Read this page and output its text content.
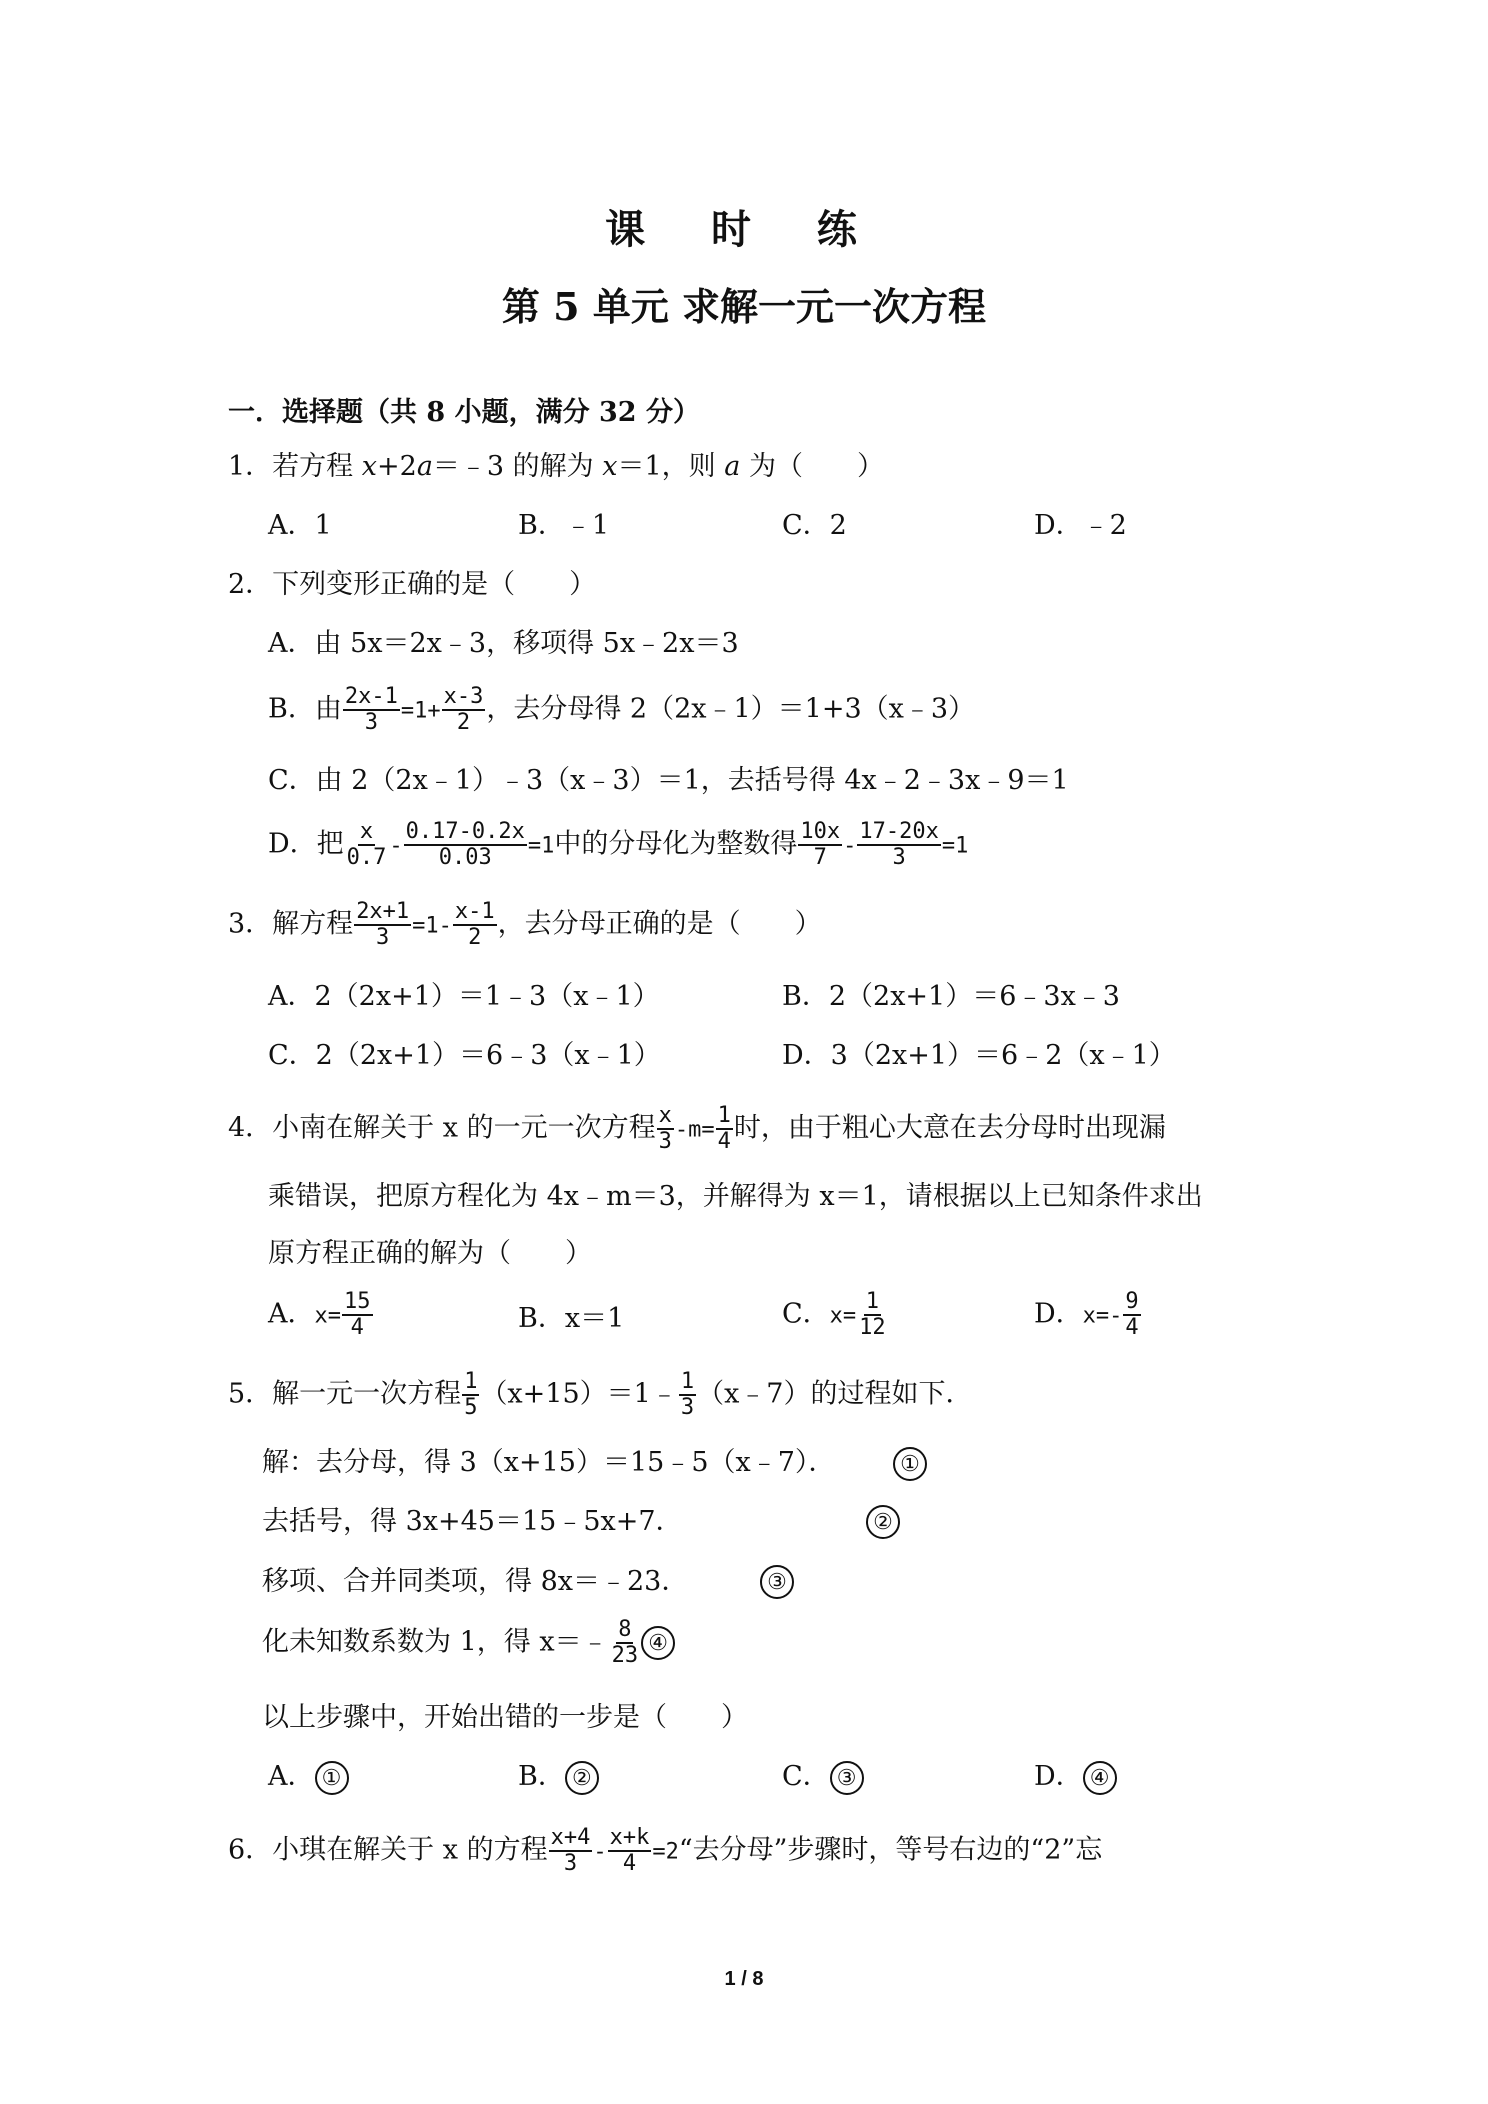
课 时 练
第 5 单元 求解一元一次方程
一．选择题（共 8 小题，满分 32 分）
1．若方程 x+2a＝﹣3 的解为 x＝1，则 a 为（　　）
A．1	B．﹣1	C．2	D．﹣2
2．下列变形正确的是（　　）
A．由 5x＝2x﹣3，移项得 5x﹣2x＝3
B．由 $\frac{2x-1}{3} =1+ \frac{x-3}{2}$ ，去分母得 2（2x﹣1）＝1+3（x﹣3）
C．由 2（2x﹣1）﹣3（x﹣3）＝1，去括号得 4x﹣2﹣3x﹣9＝1
D．把 $\frac{x}{0.7} - \frac{0.17-0.2x}{0.03} =1$中的分母化为整数得 $\frac{10x}{7} - \frac{17-20x}{3} =1$
3．解方程 $\frac{2x+1}{3} =1- \frac{x-1}{2}$ ，去分母正确的是（　　）
A．2（2x+1）＝1﹣3（x﹣1）	B．2（2x+1）＝6﹣3x﹣3
C．2（2x+1）＝6﹣3（x﹣1）	D．3（2x+1）＝6﹣2（x﹣1）
4．小南在解关于 x 的一元一次方程 $\frac{x}{3} -m= \frac{1}{4}$ 时，由于粗心大意在去分母时出现漏
乘错误，把原方程化为 4x﹣m＝3，并解得为 x＝1，请根据以上已知条件求出
原方程正确的解为（　　）
A．$x= \frac{15}{4}$	B．x＝1	C．$x= \frac{1}{12}$	D．$x=- \frac{9}{4}$
5．解一元一次方程 $\frac{1}{5}$ （x+15）＝1﹣ $\frac{1}{3}$ （x﹣7）的过程如下．
解：去分母，得 3（x+15）＝15﹣5（x﹣7）．	①
去括号，得 3x+45＝15﹣5x+7．	②
移项、合并同类项，得 8x＝﹣23．	③
化未知数系数为 1，得 x＝﹣ $\frac{8}{23}$ ④
以上步骤中，开始出错的一步是（　　）
A． ①	B． ②	C． ③	D． ④
6．小琪在解关于 x 的方程 $\frac{x+4}{3} - \frac{x+k}{4}$ =2“去分母”步骤时，等号右边的“2”忘
1 / 8
